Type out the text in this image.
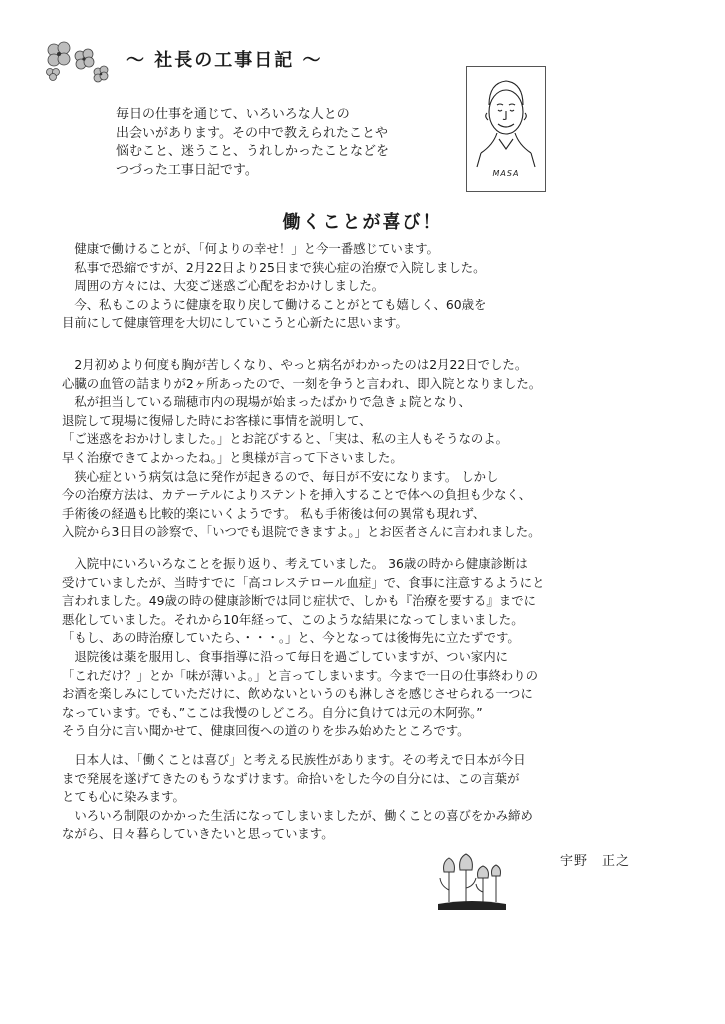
～ 社長の工事日記 ～
毎日の仕事を通じて、いろいろな人との
出会いがあります。その中で教えられたことや
悩むこと、迷うこと、うれしかったことなどを
つづった工事日記です。	MASA
働くことが喜び！
　健康で働けることが、「何よりの幸せ！」と今一番感じています。
　私事で恐縮ですが、2月22日より25日まで狭心症の治療で入院しました。
　周囲の方々には、大変ご迷惑ご心配をおかけしました。
　今、私もこのように健康を取り戻して働けることがとても嬉しく、60歳を
目前にして健康管理を大切にしていこうと心新たに思います。
　2月初めより何度も胸が苦しくなり、やっと病名がわかったのは2月22日でした。
心臓の血管の詰まりが2ヶ所あったので、一刻を争うと言われ、即入院となりました。
　私が担当している瑞穂市内の現場が始まったばかりで急きょ院となり、
退院して現場に復帰した時にお客様に事情を説明して、
「ご迷惑をおかけしました。」とお詫びすると、「実は、私の主人もそうなのよ。
早く治療できてよかったね。」と奥様が言って下さいました。
　狭心症という病気は急に発作が起きるので、毎日が不安になります。 しかし
今の治療方法は、カテーテルによりステントを挿入することで体への負担も少なく、
手術後の経過も比較的楽にいくようです。 私も手術後は何の異常も現れず、
入院から3日目の診察で、「いつでも退院できますよ。」とお医者さんに言われました。
　入院中にいろいろなことを振り返り、考えていました。 36歳の時から健康診断は
受けていましたが、当時すでに「高コレステロール血症」で、食事に注意するようにと
言われました。49歳の時の健康診断では同じ症状で、しかも『治療を要する』までに
悪化していました。それから10年経って、このような結果になってしまいました。
「もし、あの時治療していたら、・・・。」と、今となっては後悔先に立たずです。
　退院後は薬を服用し、食事指導に沿って毎日を過ごしていますが、つい家内に
「これだけ？」とか「味が薄いよ。」と言ってしまいます。今まで一日の仕事終わりの
お酒を楽しみにしていただけに、飲めないというのも淋しさを感じさせられる一つに
なっています。でも、”ここは我慢のしどころ。自分に負けては元の木阿弥。”
そう自分に言い聞かせて、健康回復への道のりを歩み始めたところです。
　日本人は、「働くことは喜び」と考える民族性があります。その考えで日本が今日
まで発展を遂げてきたのもうなずけます。命拾いをした今の自分には、この言葉が
とても心に染みます。
　いろいろ制限のかかった生活になってしまいましたが、働くことの喜びをかみ締め
ながら、日々暮らしていきたいと思っています。
宇野　正之
